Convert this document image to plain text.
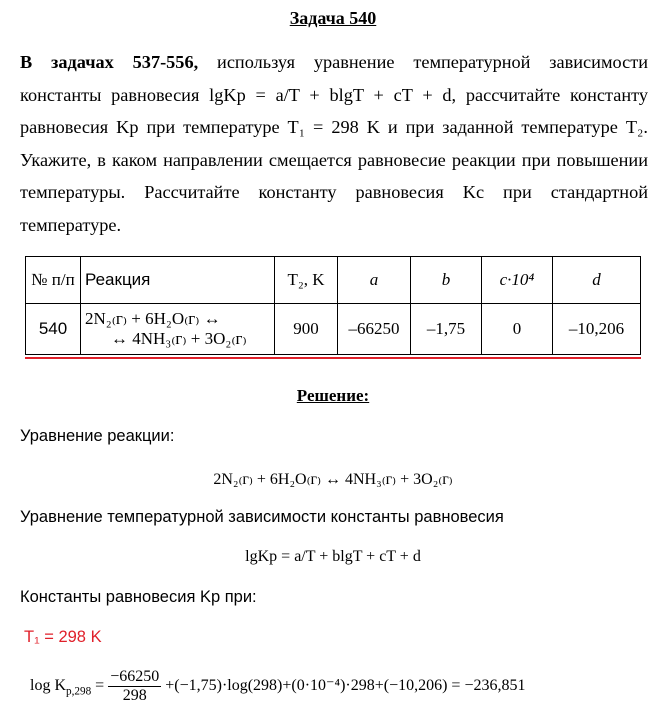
Задача 540
В задачах 537-556, используя уравнение температурной зависимости
константы равновесия lgKp = a/T + blgT + cT + d, рассчитайте константу
равновесия Kp при температуре T₁ = 298 K и при заданной температуре T₂.
Укажите, в каком направлении смещается равновесие реакции при повышении
температуры. Рассчитайте константу равновесия Kc при стандартной
температуре.
№ п/п	Реакция	T₂, K	a	b	c·10⁴	d
540	2N₂₍г₎ + 6H₂O₍г₎ ↔
↔ 4NH₃₍г₎ + 3O₂₍г₎	900	–66250	–1,75	0	–10,206
Решение:
Уравнение реакции:
2N₂₍г₎ + 6H₂O₍г₎ ↔ 4NH₃₍г₎ + 3O₂₍г₎
Уравнение температурной зависимости константы равновесия
lgKp = a/T + blgT + cT + d
Константы равновесия Kp при:
T₁ = 298 K
$\log K_{p,298} = \frac{-66250}{298} +(-1,75)\cdot\log(298)+(0\cdot 10^{-4})\cdot 298+(-10,206) = -236,851$
